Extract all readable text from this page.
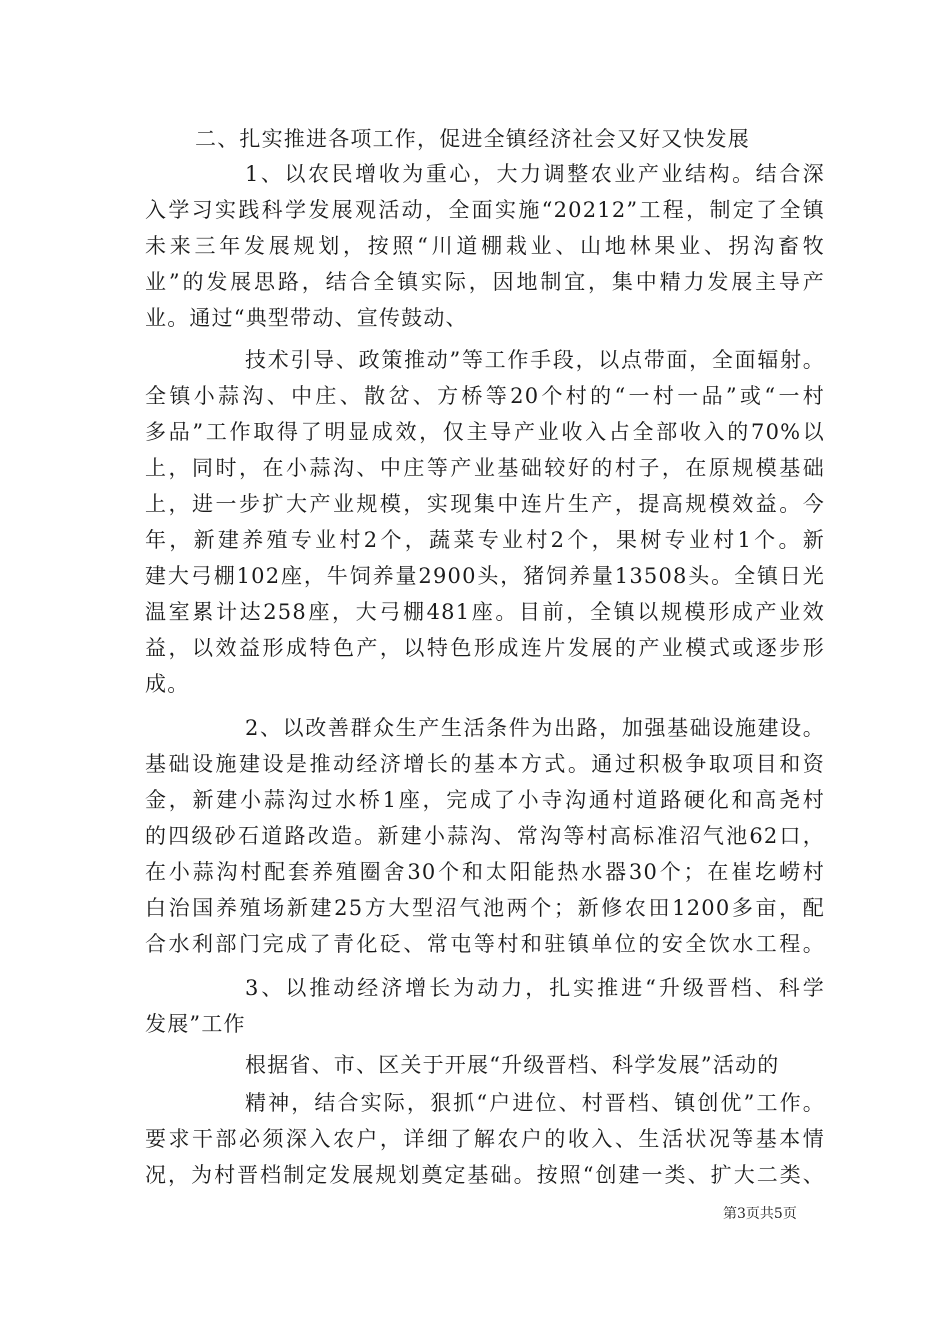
二、扎实推进各项工作，促进全镇经济社会又好又快发展
1、以农民增收为重心，大力调整农业产业结构。结合深
入学习实践科学发展观活动，全面实施“20212”工程，制定了全镇
未来三年发展规划，按照“川道棚栽业、山地林果业、拐沟畜牧
业”的发展思路，结合全镇实际，因地制宜，集中精力发展主导产
业。通过“典型带动、宣传鼓动、
技术引导、政策推动”等工作手段，以点带面，全面辐射。
全镇小蒜沟、中庄、散岔、方桥等20个村的“一村一品”或“一村
多品”工作取得了明显成效，仅主导产业收入占全部收入的70%以
上，同时，在小蒜沟、中庄等产业基础较好的村子，在原规模基础
上，进一步扩大产业规模，实现集中连片生产，提高规模效益。今
年，新建养殖专业村2个，蔬菜专业村2个，果树专业村1个。新
建大弓棚102座，牛饲养量2900头，猪饲养量13508头。全镇日光
温室累计达258座，大弓棚481座。目前，全镇以规模形成产业效
益，以效益形成特色产，以特色形成连片发展的产业模式或逐步形
成。
2、以改善群众生产生活条件为出路，加强基础设施建设。
基础设施建设是推动经济增长的基本方式。通过积极争取项目和资
金，新建小蒜沟过水桥1座，完成了小寺沟通村道路硬化和高尧村
的四级砂石道路改造。新建小蒜沟、常沟等村高标准沼气池62口，
在小蒜沟村配套养殖圈舍30个和太阳能热水器30个；在崔圪崂村
白治国养殖场新建25方大型沼气池两个；新修农田1200多亩，配
合水利部门完成了青化砭、常屯等村和驻镇单位的安全饮水工程。
3、以推动经济增长为动力，扎实推进“升级晋档、科学
发展”工作
根据省、市、区关于开展“升级晋档、科学发展”活动的
精神，结合实际，狠抓“户进位、村晋档、镇创优”工作。
要求干部必须深入农户，详细了解农户的收入、生活状况等基本情
况，为村晋档制定发展规划奠定基础。按照“创建一类、扩大二类、
第3页共5页
